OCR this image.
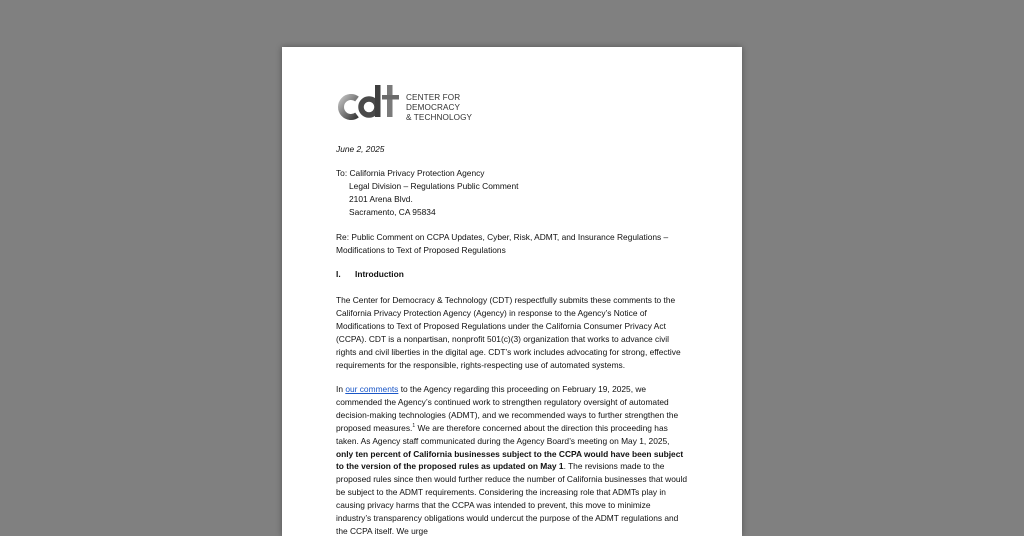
CENTER FOR
DEMOCRACY
& TECHNOLOGY
June 2, 2025
To: California Privacy Protection Agency
Legal Division – Regulations Public Comment
2101 Arena Blvd.
Sacramento, CA 95834
Re: Public Comment on CCPA Updates, Cyber, Risk, ADMT, and Insurance Regulations –
Modifications to Text of Proposed Regulations
I. Introduction

The Center for Democracy & Technology (CDT) respectfully submits these comments to the California Privacy Protection Agency (Agency) in response to the Agency’s Notice of Modifications to Text of Proposed Regulations under the California Consumer Privacy Act (CCPA). CDT is a nonpartisan, nonprofit 501(c)(3) organization that works to advance civil rights and civil liberties in the digital age. CDT’s work includes advocating for strong, effective requirements for the responsible, rights-respecting use of automated systems.

In our comments to the Agency regarding this proceeding on February 19, 2025, we commended the Agency’s continued work to strengthen regulatory oversight of automated decision-making technologies (ADMT), and we recommended ways to further strengthen the proposed measures.$^1$ We are therefore concerned about the direction this proceeding has taken. As Agency staff communicated during the Agency Board’s meeting on May 1, 2025, only ten percent of California businesses subject to the CCPA would have been subject to the version of the proposed rules as updated on May 1. The revisions made to the proposed rules since then would further reduce the number of California businesses that would be subject to the ADMT requirements. Considering the increasing role that ADMTs play in causing privacy harms that the CCPA was intended to prevent, this move to minimize industry’s transparency obligations would undercut the purpose of the ADMT regulations and the CCPA itself. We urge
